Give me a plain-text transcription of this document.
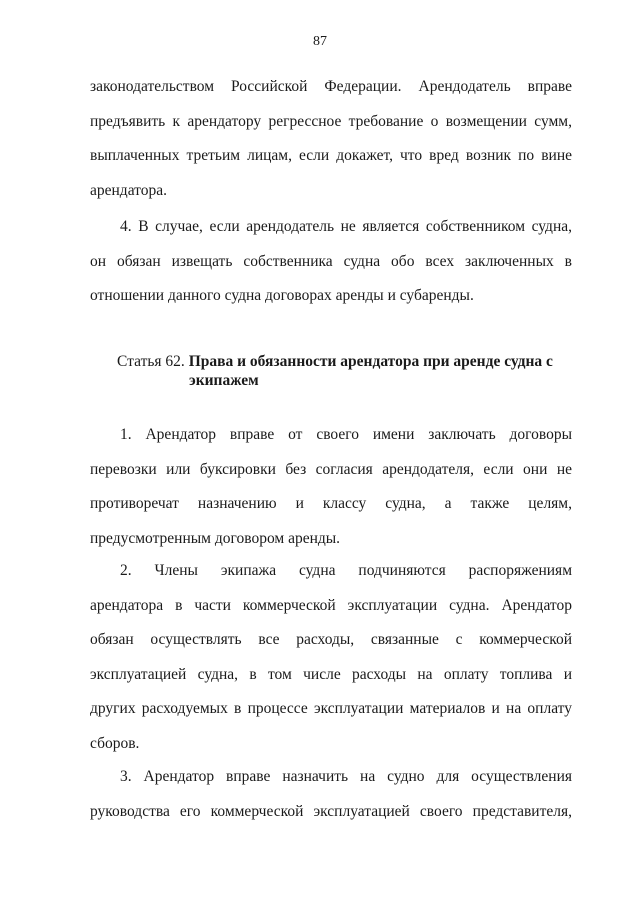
87
законодательством Российской Федерации. Арендодатель вправе
предъявить к арендатору регрессное требование о возмещении сумм,
выплаченных третьим лицам, если докажет, что вред возник по вине
арендатора.
4. В случае, если арендодатель не является собственником судна,
он обязан извещать собственника судна обо всех заключенных в
отношении данного судна договорах аренды и субаренды.
Статья 62. Права и обязанности арендатора при аренде судна с
экипажем
1. Арендатор вправе от своего имени заключать договоры
перевозки или буксировки без согласия арендодателя, если они не
противоречат назначению и классу судна, а также целям,
предусмотренным договором аренды.
2. Члены экипажа судна подчиняются распоряжениям
арендатора в части коммерческой эксплуатации судна. Арендатор
обязан осуществлять все расходы, связанные с коммерческой
эксплуатацией судна, в том числе расходы на оплату топлива и
других расходуемых в процессе эксплуатации материалов и на оплату
сборов.
3. Арендатор вправе назначить на судно для осуществления
руководства его коммерческой эксплуатацией своего представителя,
